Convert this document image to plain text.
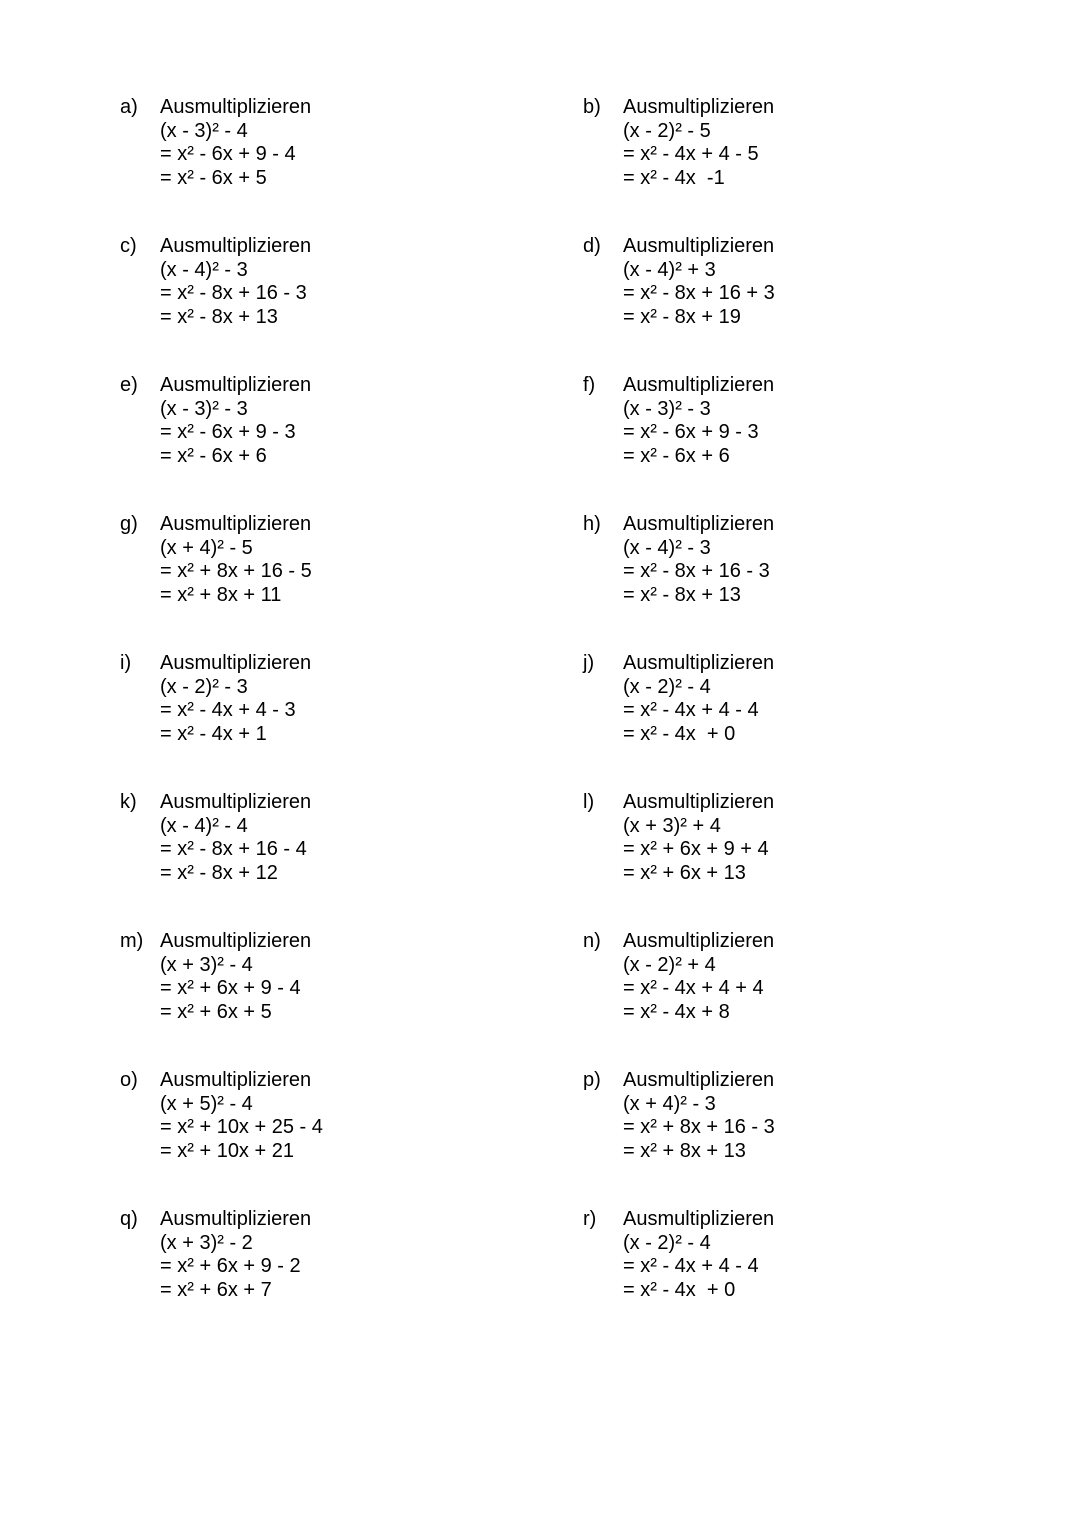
a) Ausmultiplizieren
(x - 3)² - 4
= x² - 6x + 9 - 4
= x² - 6x + 5
b) Ausmultiplizieren
(x - 2)² - 5
= x² - 4x + 4 - 5
= x² - 4x  -1
c) Ausmultiplizieren
(x - 4)² - 3
= x² - 8x + 16 - 3
= x² - 8x + 13
d) Ausmultiplizieren
(x - 4)² + 3
= x² - 8x + 16 + 3
= x² - 8x + 19
e) Ausmultiplizieren
(x - 3)² - 3
= x² - 6x + 9 - 3
= x² - 6x + 6
f) Ausmultiplizieren
(x - 3)² - 3
= x² - 6x + 9 - 3
= x² - 6x + 6
g) Ausmultiplizieren
(x + 4)² - 5
= x² + 8x + 16 - 5
= x² + 8x + 11
h) Ausmultiplizieren
(x - 4)² - 3
= x² - 8x + 16 - 3
= x² - 8x + 13
i) Ausmultiplizieren
(x - 2)² - 3
= x² - 4x + 4 - 3
= x² - 4x + 1
j) Ausmultiplizieren
(x - 2)² - 4
= x² - 4x + 4 - 4
= x² - 4x  + 0
k) Ausmultiplizieren
(x - 4)² - 4
= x² - 8x + 16 - 4
= x² - 8x + 12
l) Ausmultiplizieren
(x + 3)² + 4
= x² + 6x + 9 + 4
= x² + 6x + 13
m) Ausmultiplizieren
(x + 3)² - 4
= x² + 6x + 9 - 4
= x² + 6x + 5
n) Ausmultiplizieren
(x - 2)² + 4
= x² - 4x + 4 + 4
= x² - 4x + 8
o) Ausmultiplizieren
(x + 5)² - 4
= x² + 10x + 25 - 4
= x² + 10x + 21
p) Ausmultiplizieren
(x + 4)² - 3
= x² + 8x + 16 - 3
= x² + 8x + 13
q) Ausmultiplizieren
(x + 3)² - 2
= x² + 6x + 9 - 2
= x² + 6x + 7
r) Ausmultiplizieren
(x - 2)² - 4
= x² - 4x + 4 - 4
= x² - 4x  + 0
